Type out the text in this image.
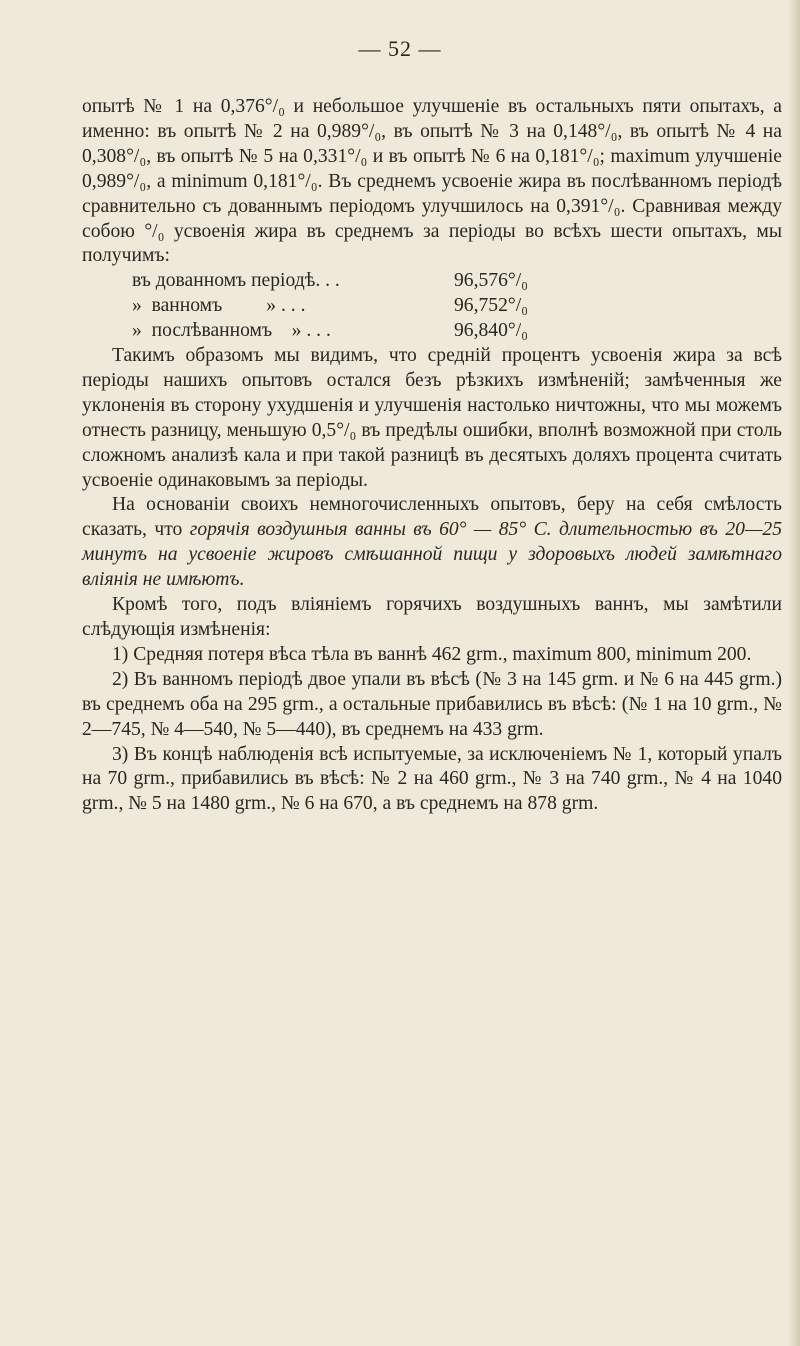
— 52 —

опытѣ № 1 на 0,376°/₀ и небольшое улучшеніе въ остальныхъ пяти опытахъ, а именно: въ опытѣ № 2 на 0,989°/₀, въ опытѣ № 3 на 0,148°/₀, въ опытѣ № 4 на 0,308°/₀, въ опытѣ № 5 на 0,331°/₀ и въ опытѣ № 6 на 0,181°/₀; maximum улучшеніе 0,989°/₀, а minimum 0,181°/₀. Въ среднемъ усвоеніе жира въ послѣванномъ періодѣ сравнительно съ дованнымъ періодомъ улучшилось на 0,391°/₀. Сравнивая между собою °/₀ усвоенія жира въ среднемъ за періоды во всѣхъ шести опытахъ, мы получимъ:

въ дованномъ періодѣ. . .	96,576°/₀
»  ванномъ         » . . .	96,752°/₀
»  послѣванномъ    » . . .	96,840°/₀

Такимъ образомъ мы видимъ, что средній процентъ усвоенія жира за всѣ періоды нашихъ опытовъ остался безъ рѣзкихъ измѣненій; замѣченныя же уклоненія въ сторону ухудшенія и улучшенія настолько ничтожны, что мы можемъ отнесть разницу, меньшую 0,5°/₀ въ предѣлы ошибки, вполнѣ возможной при столь сложномъ анализѣ кала и при такой разницѣ въ десятыхъ доляхъ процента считать усвоеніе одинаковымъ за періоды.

На основаніи своихъ немногочисленныхъ опытовъ, беру на себя смѣлость сказать, что горячія воздушныя ванны въ 60° — 85° С. длительностью въ 20—25 минутъ на усвоеніе жировъ смѣшанной пищи у здоровыхъ людей замѣтнаго вліянія не имѣютъ.

Кромѣ того, подъ вліяніемъ горячихъ воздушныхъ ваннъ, мы замѣтили слѣдующія измѣненія:

1) Средняя потеря вѣса тѣла въ ваннѣ 462 grm., maximum 800, minimum 200.

2) Въ ванномъ періодѣ двое упали въ вѣсѣ (№ 3 на 145 grm. и № 6 на 445 grm.) въ среднемъ оба на 295 grm., а остальные прибавились въ вѣсѣ: (№ 1 на 10 grm., № 2—745, № 4—540, № 5—440), въ среднемъ на 433 grm.

3) Въ концѣ наблюденія всѣ испытуемые, за исключеніемъ № 1, который упалъ на 70 grm., прибавились въ вѣсѣ: № 2 на 460 grm., № 3 на 740 grm., № 4 на 1040 grm., № 5 на 1480 grm., № 6 на 670, а въ среднемъ на 878 grm.
